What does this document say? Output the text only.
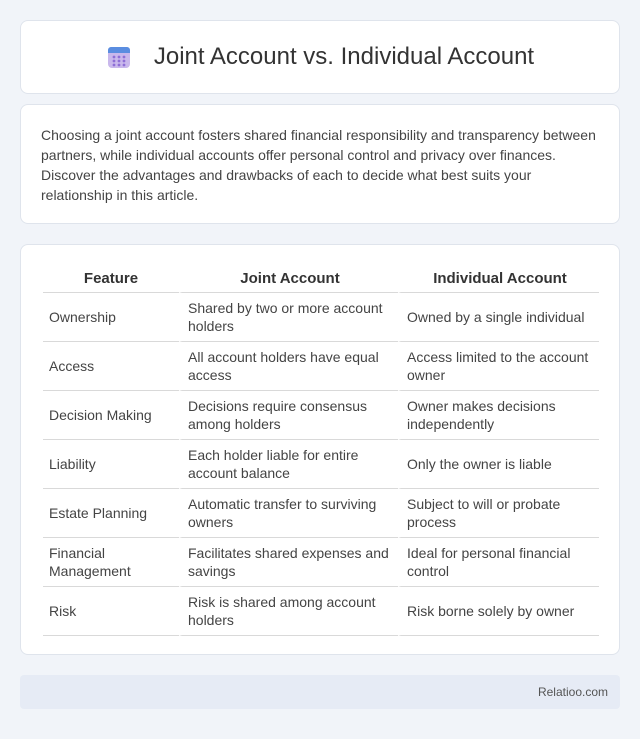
Joint Account vs. Individual Account

Choosing a joint account fosters shared financial responsibility and transparency between partners, while individual accounts offer personal control and privacy over finances. Discover the advantages and drawbacks of each to decide what best suits your relationship in this article.

Feature	Joint Account	Individual Account
Ownership	Shared by two or more account holders	Owned by a single individual
Access	All account holders have equal access	Access limited to the account owner
Decision Making	Decisions require consensus among holders	Owner makes decisions independently
Liability	Each holder liable for entire account balance	Only the owner is liable
Estate Planning	Automatic transfer to surviving owners	Subject to will or probate process
Financial Management	Facilitates shared expenses and savings	Ideal for personal financial control
Risk	Risk is shared among account holders	Risk borne solely by owner
Relatioo.com
